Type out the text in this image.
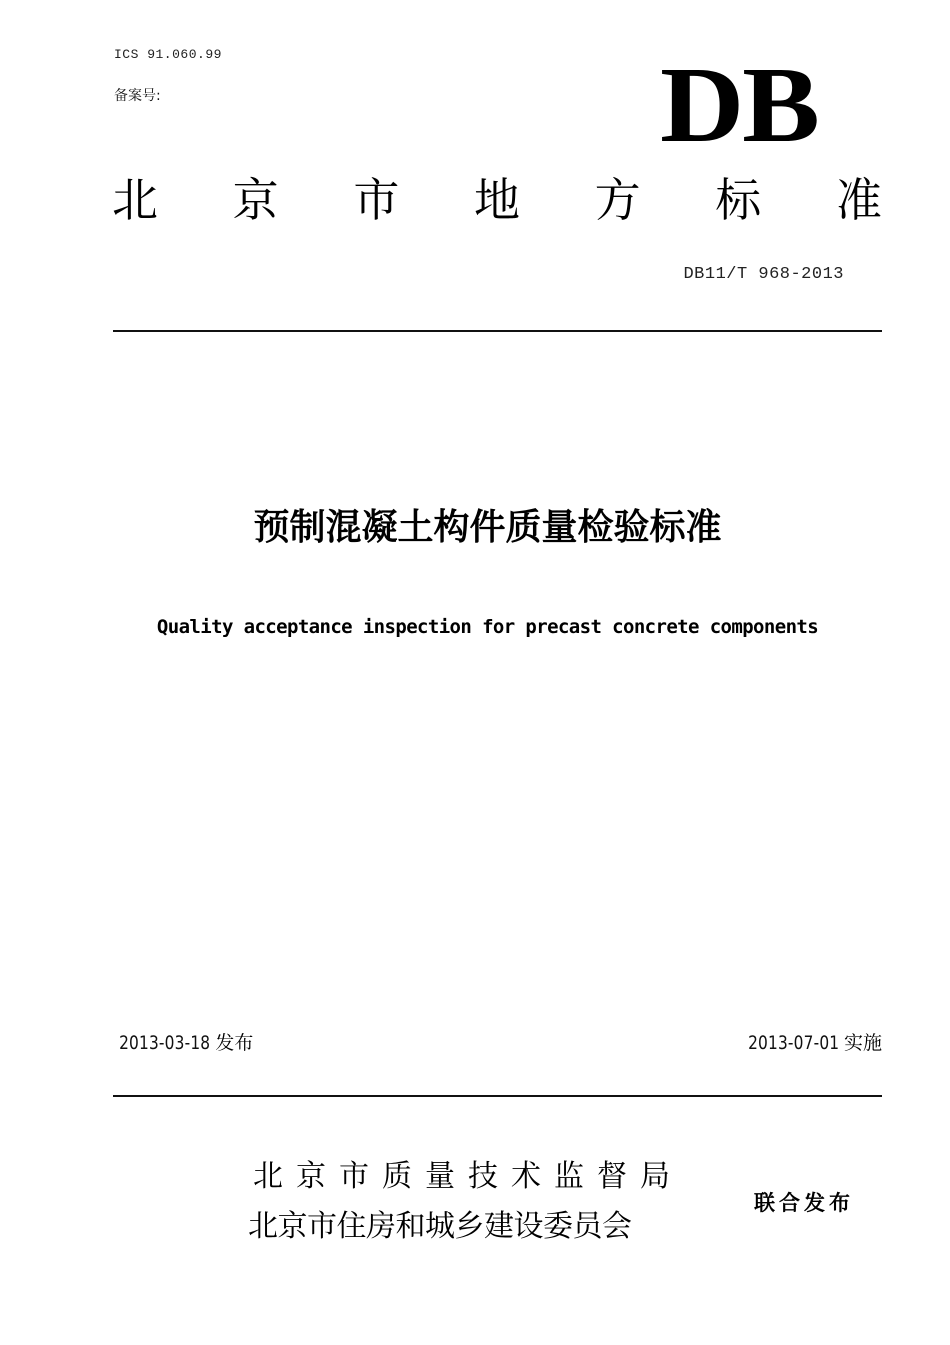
ICS 91.060.99
备案号:	DB
北 京 市 地 方 标 准
DB11/T 968-2013
预制混凝土构件质量检验标准
Quality acceptance inspection for precast concrete components
2013-03-18 发布	2013-07-01 实施
北京市质量技术监督局
北京市住房和城乡建设委员会
联合发布
